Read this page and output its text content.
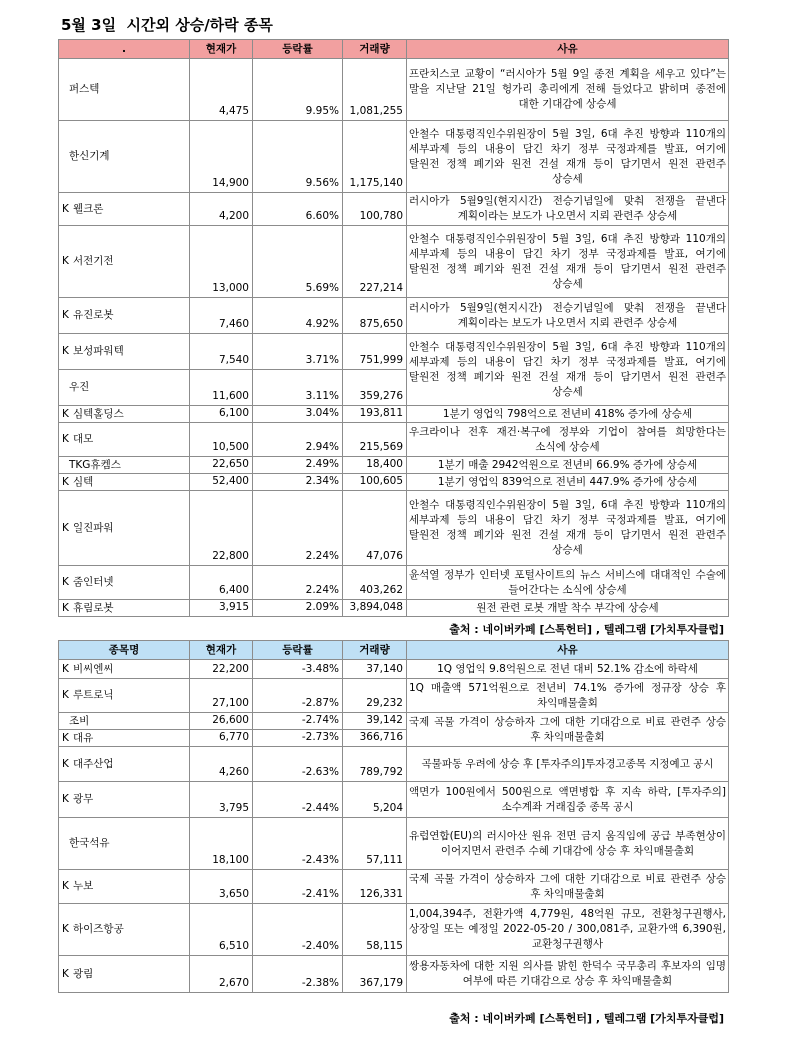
5월 3일  시간외 상승/하락 종목
.	현재가	등락률	거래량	사유
퍼스텍	4,475	9.95%	1,081,255	프란치스코 교황이 “러시아가 5월 9일 종전 계획을 세우고 있다”는 말을 지난달 21일 헝가리 총리에게 전해 들었다고 밝히며 종전에 대한 기대감에 상승세
한신기계	14,900	9.56%	1,175,140	안철수 대통령직인수위원장이 5월 3일, 6대 추진 방향과 110개의 세부과제 등의 내용이 담긴 차기 정부 국정과제를 발표, 여기에 탈원전 정책 폐기와 원전 건설 재개 등이 담기면서 원전 관련주 상승세
K 웰크론	4,200	6.60%	100,780	러시아가 5월9일(현지시간) 전승기념일에 맞춰 전쟁을 끝낸다 계획이라는 보도가 나오면서 지뢰 관련주 상승세
K 서전기전	13,000	5.69%	227,214	안철수 대통령직인수위원장이 5월 3일, 6대 추진 방향과 110개의 세부과제 등의 내용이 담긴 차기 정부 국정과제를 발표, 여기에 탈원전 정책 폐기와 원전 건설 재개 등이 담기면서 원전 관련주 상승세
K 유진로봇	7,460	4.92%	875,650	러시아가 5월9일(현지시간) 전승기념일에 맞춰 전쟁을 끝낸다 계획이라는 보도가 나오면서 지뢰 관련주 상승세
K 보성파워텍	7,540	3.71%	751,999	안철수 대통령직인수위원장이 5월 3일, 6대 추진 방향과 110개의 세부과제 등의 내용이 담긴 차기 정부 국정과제를 발표, 여기에 탈원전 정책 폐기와 원전 건설 재개 등이 담기면서 원전 관련주 상승세
우진	11,600	3.11%	359,276	
K 심텍홀딩스	6,100	3.04%	193,811	1분기 영업익 798억으로 전년비 418% 증가에 상승세
K 대모	10,500	2.94%	215,569	우크라이나 전후 재건·복구에 정부와 기업이 참여를 희망한다는 소식에 상승세
TKG휴켐스	22,650	2.49%	18,400	1분기 매출 2942억원으로 전년비 66.9% 증가에 상승세
K 심텍	52,400	2.34%	100,605	1분기 영업익 839억으로 전년비 447.9% 증가에 상승세
K 일진파워	22,800	2.24%	47,076	안철수 대통령직인수위원장이 5월 3일, 6대 추진 방향과 110개의 세부과제 등의 내용이 담긴 차기 정부 국정과제를 발표, 여기에 탈원전 정책 폐기와 원전 건설 재개 등이 담기면서 원전 관련주 상승세
K 줌인터넷	6,400	2.24%	403,262	윤석열 정부가 인터넷 포털사이트의 뉴스 서비스에 대대적인 수술에 들어간다는 소식에 상승세
K 휴림로봇	3,915	2.09%	3,894,048	원전 관련 로봇 개발 착수 부각에 상승세
출처 : 네이버카페 [스톡헌터] , 텔레그램 [가치투자클럽]
종목명	현재가	등락률	거래량	사유
K 비씨엔씨	22,200	-3.48%	37,140	1Q 영업익 9.8억원으로 전년 대비 52.1% 감소에 하락세
K 루트로닉	27,100	-2.87%	29,232	1Q 매출액 571억원으로 전년비 74.1% 증가에 정규장 상승 후 차익매물출회
조비	26,600	-2.74%	39,142	국제 곡물 가격이 상승하자 그에 대한 기대감으로 비료 관련주 상승 후 차익매물출회
K 대유	6,770	-2.73%	366,716	
K 대주산업	4,260	-2.63%	789,792	곡물파동 우려에 상승 후 [투자주의]투자경고종목 지정예고 공시
K 광무	3,795	-2.44%	5,204	액면가 100원에서 500원으로 액면병합 후 지속 하락, [투자주의]소수계좌 거래집중 종목 공시
한국석유	18,100	-2.43%	57,111	유럽연합(EU)의 러시아산 원유 전면 금지 움직임에 공급 부족현상이 이어지면서 관련주 수혜 기대감에 상승 후 차익매물출회
K 누보	3,650	-2.41%	126,331	국제 곡물 가격이 상승하자 그에 대한 기대감으로 비료 관련주 상승 후 차익매물출회
K 하이즈항공	6,510	-2.40%	58,115	1,004,394주, 전환가액 4,779원, 48억원 규모, 전환청구권행사, 상장일 또는 예정일 2022-05-20 / 300,081주, 교환가액 6,390원, 교환청구권행사
K 광림	2,670	-2.38%	367,179	쌍용자동차에 대한 지원 의사를 밝힌 한덕수 국무총리 후보자의 임명 여부에 따른 기대감으로 상승 후 차익매물출회
출처 : 네이버카페 [스톡헌터] , 텔레그램 [가치투자클럽]
